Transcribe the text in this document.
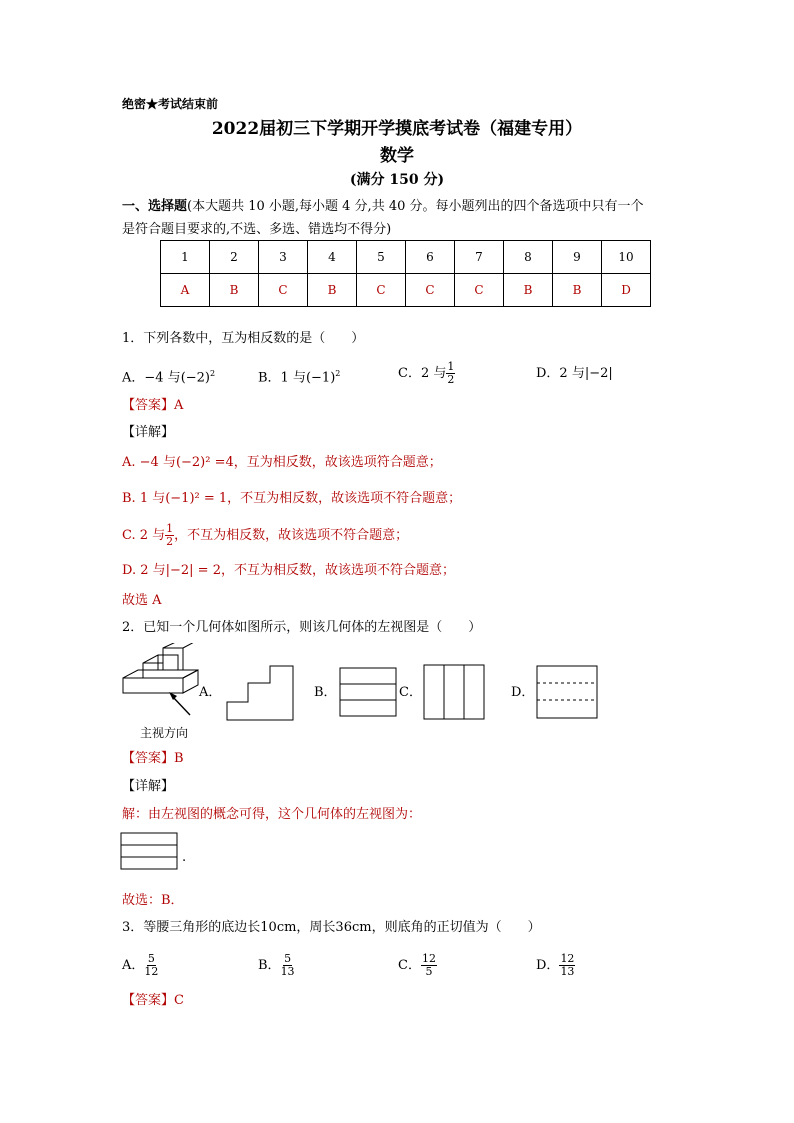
绝密★考试结束前
2022届初三下学期开学摸底考试卷（福建专用）
数学
(满分 150 分)
一、选择题(本大题共 10 小题,每小题 4 分,共 40 分。每小题列出的四个备选项中只有一个
是符合题目要求的,不选、多选、错选均不得分)
1	2	3	4	5	6	7	8	9	10
A	B	C	B	C	C	C	B	B	D
1．下列各数中，互为相反数的是（　　）
A．−4 与$(-2)^2$	B．1 与$(-1)^2$	C．2 与 $\frac{1}{2}$	D．2 与|−2|
【答案】A
【详解】
A. −4 与(−2)² =4，互为相反数，故该选项符合题意；
B. 1 与(−1)² = 1，不互为相反数，故该选项不符合题意；
C. 2 与 $\frac{1}{2}$ ，不互为相反数，故该选项不符合题意；
D. 2 与|−2| = 2，不互为相反数，故该选项不符合题意；
故选 A
2．已知一个几何体如图所示，则该几何体的左视图是（　　）
主视方向
A．	B．	C．	D．
【答案】B
【详解】
解：由左视图的概念可得，这个几何体的左视图为：
.
故选：B．
3．等腰三角形的底边长10cm，周长36cm，则底角的正切值为（　　）
A． $\frac{5}{12}$	B． $\frac{5}{13}$	C． $\frac{12}{5}$	D． $\frac{12}{13}$
【答案】C
